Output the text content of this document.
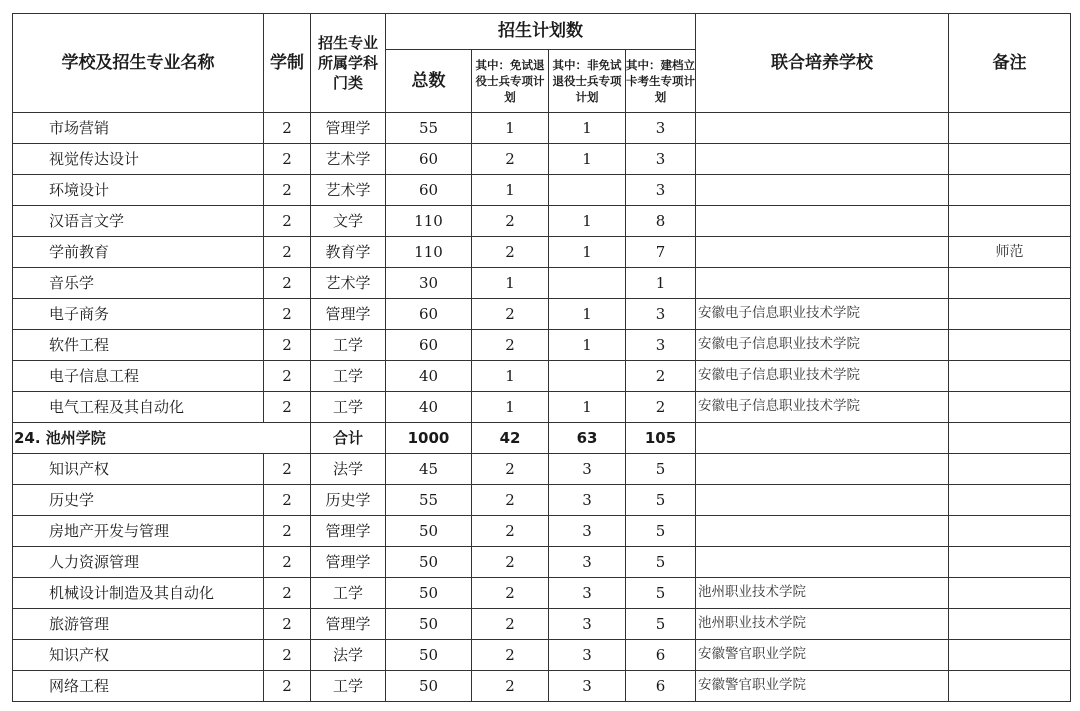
学校及招生专业名称	学制	招生专业所属学科门类	招生计划数				联合培养学校	备注
			总数	其中：免试退役士兵专项计划	其中：非免试退役士兵专项计划	其中：建档立卡考生专项计划		
市场营销	2	管理学	55	1	1	3		
视觉传达设计	2	艺术学	60	2	1	3		
环境设计	2	艺术学	60	1		3		
汉语言文学	2	文学	110	2	1	8		
学前教育	2	教育学	110	2	1	7		师范
音乐学	2	艺术学	30	1		1		
电子商务	2	管理学	60	2	1	3	安徽电子信息职业技术学院	
软件工程	2	工学	60	2	1	3	安徽电子信息职业技术学院	
电子信息工程	2	工学	40	1		2	安徽电子信息职业技术学院	
电气工程及其自动化	2	工学	40	1	1	2	安徽电子信息职业技术学院	
24. 池州学院		合计	1000	42	63	105		
知识产权	2	法学	45	2	3	5		
历史学	2	历史学	55	2	3	5		
房地产开发与管理	2	管理学	50	2	3	5		
人力资源管理	2	管理学	50	2	3	5		
机械设计制造及其自动化	2	工学	50	2	3	5	池州职业技术学院	
旅游管理	2	管理学	50	2	3	5	池州职业技术学院	
知识产权	2	法学	50	2	3	6	安徽警官职业学院	
网络工程	2	工学	50	2	3	6	安徽警官职业学院	
